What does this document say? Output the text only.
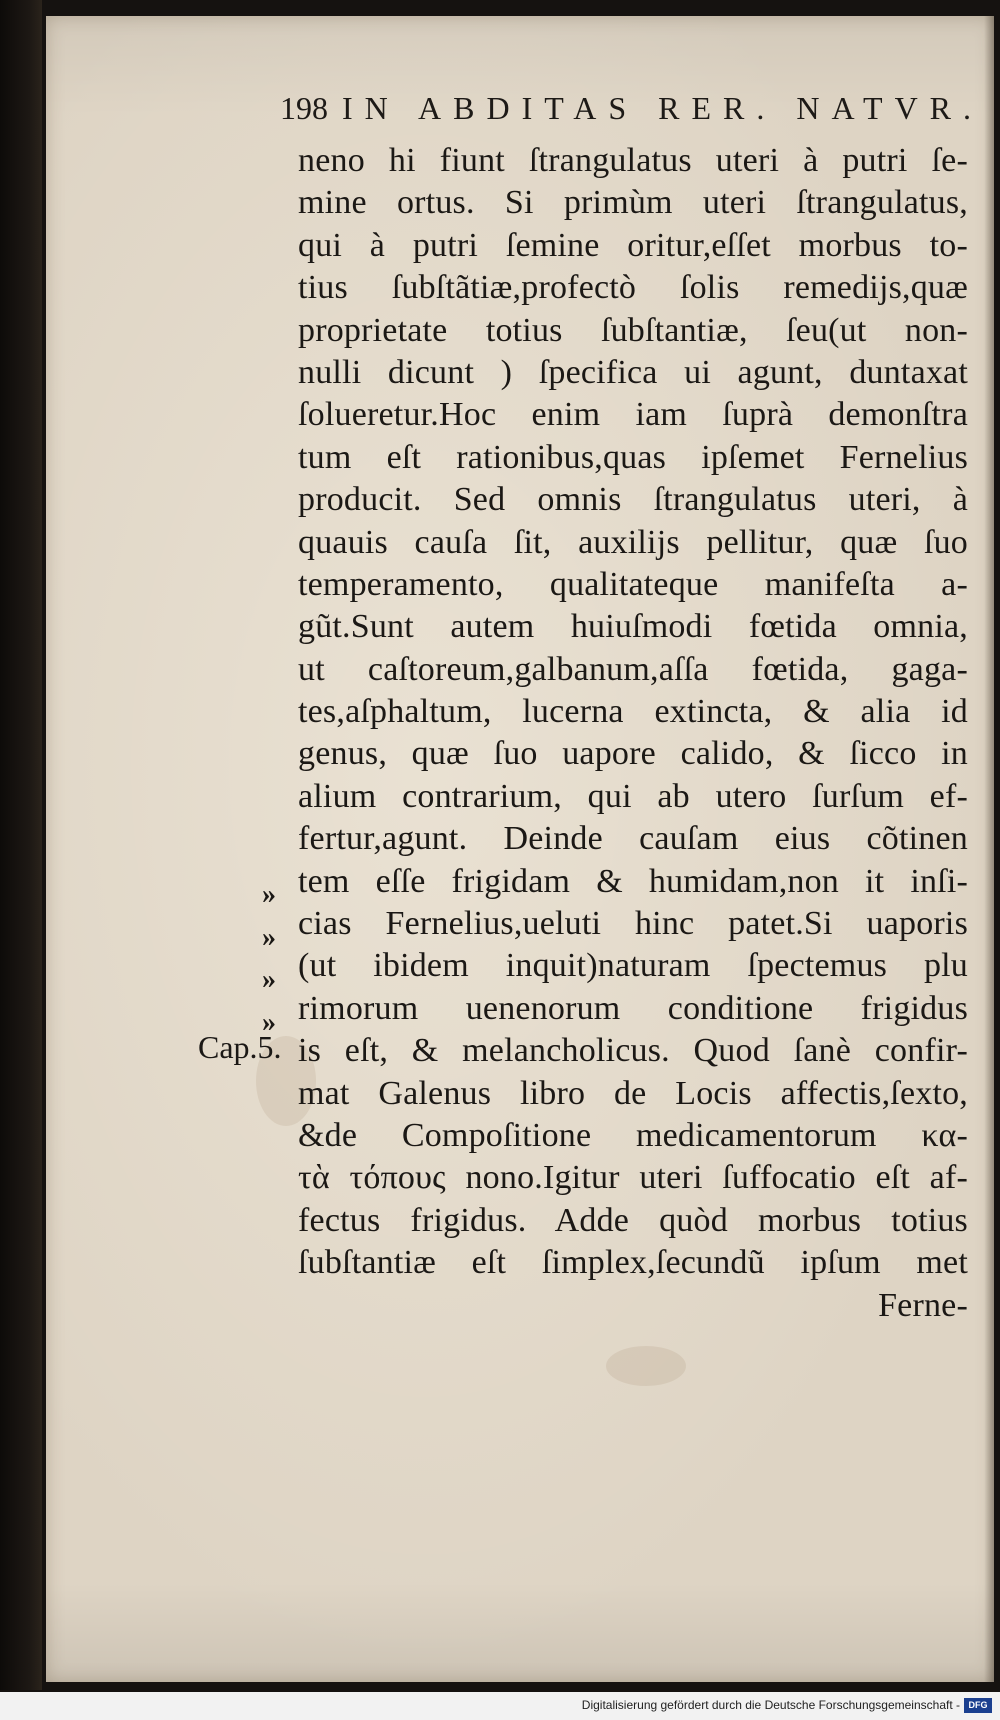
198 IN ABDITAS RER. NATVR.
neno hi fiunt ſtrangulatus uteri à putri ſe-
mine ortus. Si primùm uteri ſtrangulatus,
qui à putri ſemine oritur,eſſet morbus to-
tius ſubſtãtiæ,profectò ſolis remedijs,quæ
proprietate totius ſubſtantiæ, ſeu(ut non-
nulli dicunt ) ſpecifica ui agunt, duntaxat
ſolueretur.Hoc enim iam ſuprà demonſtra
tum eſt rationibus,quas ipſemet Fernelius
producit. Sed omnis ſtrangulatus uteri, à
quauis cauſa ſit, auxilijs pellitur, quæ ſuo
temperamento, qualitateque manifeſta a-
gũt.Sunt autem huiuſmodi fœtida omnia,
ut caſtoreum,galbanum,aſſa fœtida, gaga-
tes,aſphaltum, lucerna extincta, & alia id
genus, quæ ſuo uapore calido, & ſicco in
alium contrarium, qui ab utero ſurſum ef-
fertur,agunt. Deinde cauſam eius cõtinen
tem eſſe frigidam & humidam,non it inſi-
cias Fernelius,ueluti hinc patet.Si uaporis
(ut ibidem inquit)naturam ſpectemus plu
rimorum uenenorum conditione frigidus
is eſt, & melancholicus. Quod ſanè confir-
mat Galenus libro de Locis affectis,ſexto,
&de Compoſitione medicamentorum κα-
τὰ τόπους nono.Igitur uteri ſuffocatio eſt af-
fectus frigidus. Adde quòd morbus totius
ſubſtantiæ eſt ſimplex,ſecundũ ipſum met
Ferne-
»
»
»
»
Cap.5.
Digitalisierung gefördert durch die Deutsche Forschungsgemeinschaft - DFG
